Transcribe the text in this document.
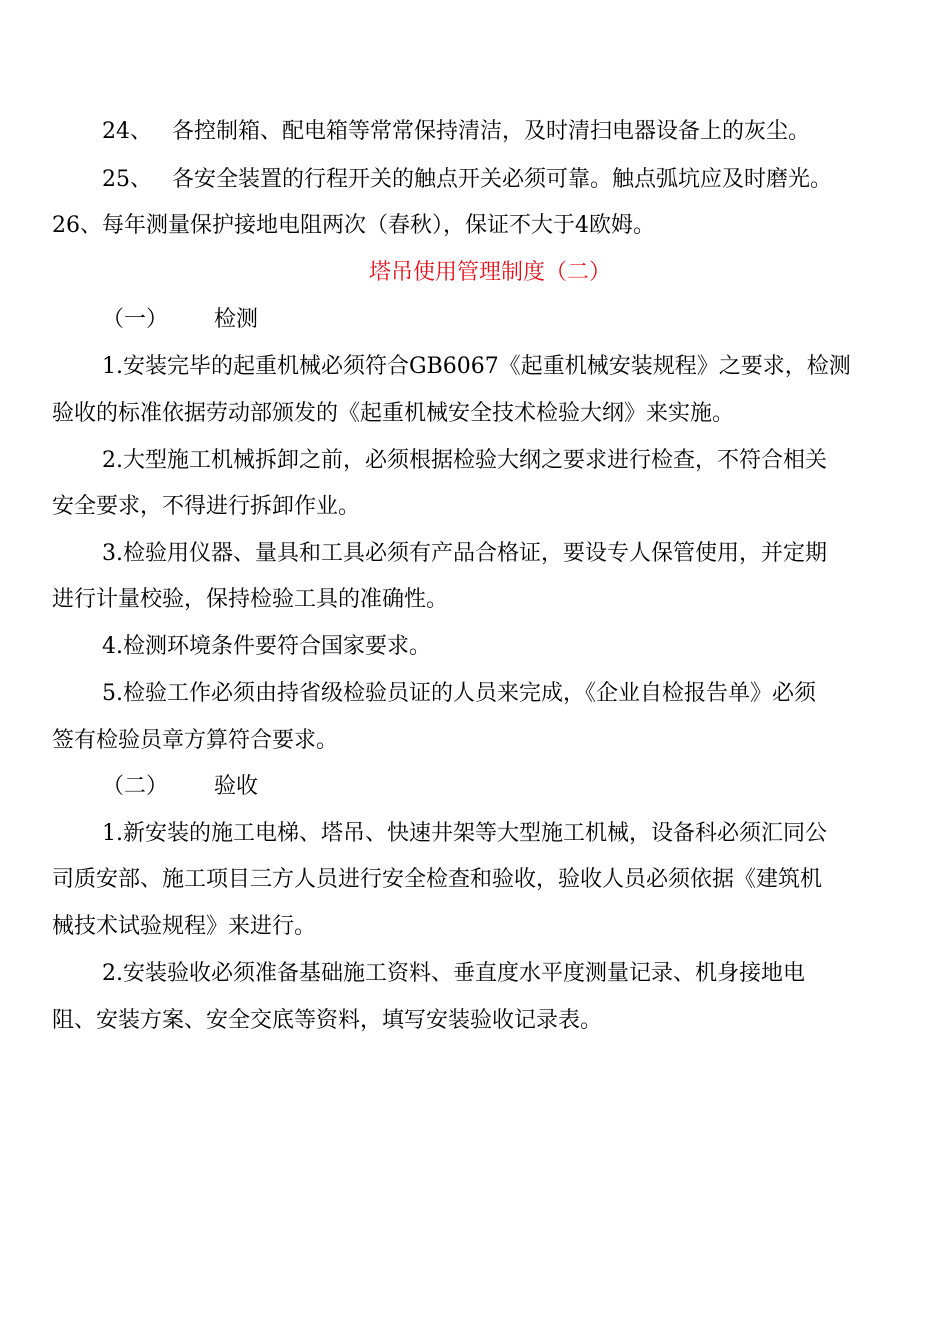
24、 各控制箱、配电箱等常常保持清洁，及时清扫电器设备上的灰尘。
25、 各安全装置的行程开关的触点开关必须可靠。触点弧坑应及时磨光。
26、每年测量保护接地电阻两次（春秋），保证不大于4欧姆。
塔吊使用管理制度（二）
（一） 检测
1.安装完毕的起重机械必须符合GB6067《起重机械安装规程》之要求，检测
验收的标准依据劳动部颁发的《起重机械安全技术检验大纲》来实施。
2.大型施工机械拆卸之前，必须根据检验大纲之要求进行检查，不符合相关
安全要求，不得进行拆卸作业。
3.检验用仪器、量具和工具必须有产品合格证，要设专人保管使用，并定期
进行计量校验，保持检验工具的准确性。
4.检测环境条件要符合国家要求。
5.检验工作必须由持省级检验员证的人员来完成，《企业自检报告单》必须
签有检验员章方算符合要求。
（二） 验收
1.新安装的施工电梯、塔吊、快速井架等大型施工机械，设备科必须汇同公
司质安部、施工项目三方人员进行安全检查和验收，验收人员必须依据《建筑机
械技术试验规程》来进行。
2.安装验收必须准备基础施工资料、垂直度水平度测量记录、机身接地电
阻、安装方案、安全交底等资料，填写安装验收记录表。
